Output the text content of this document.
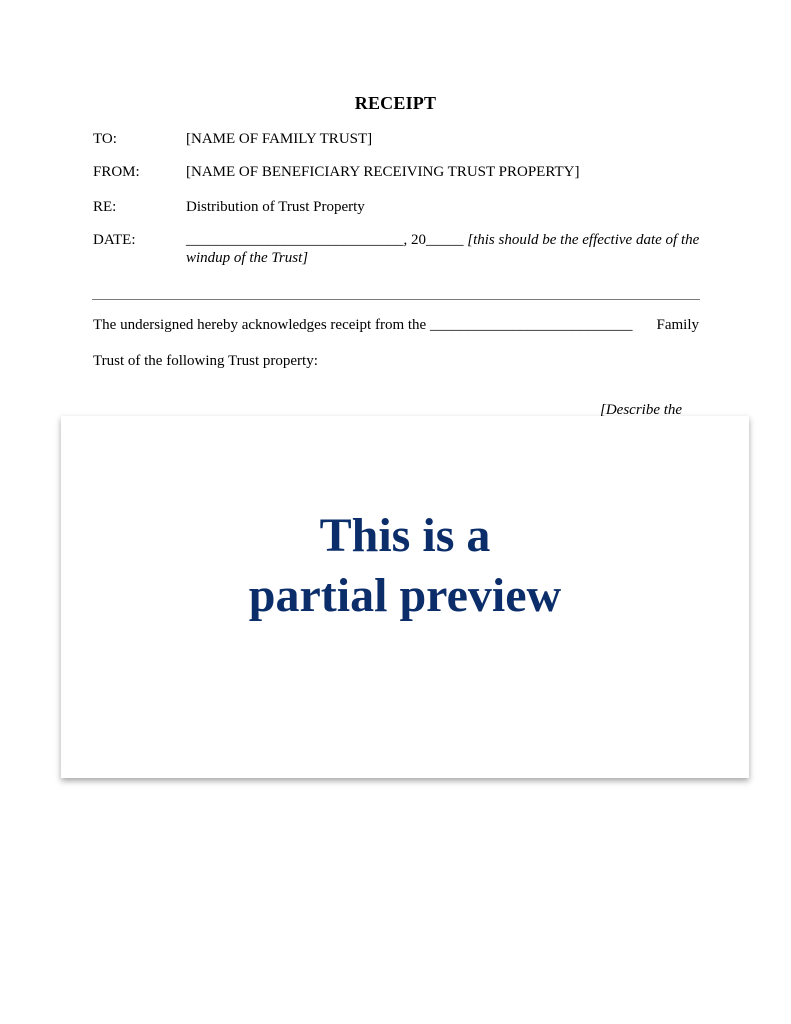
RECEIPT
TO:	[NAME OF FAMILY TRUST]
FROM:	[NAME OF BENEFICIARY RECEIVING TRUST PROPERTY]
RE:	Distribution of Trust Property
DATE:	_____________________________, 20_____ [this should be the effective date of the windup of the Trust]
The undersigned hereby acknowledges receipt from the ___________________________ Family
Trust of the following Trust property:
[Describe the
This is a
partial preview
